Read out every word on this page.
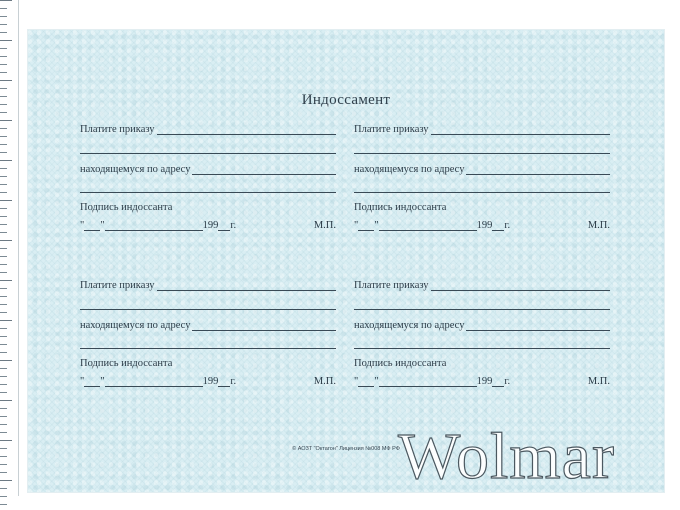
Индоссамент
Платите приказу
находящемуся по адресу
Подпись индоссанта
" "	199 г.	М.П.
Платите приказу
находящемуся по адресу
Подпись индоссанта
" "	199 г.	М.П.
Платите приказу
находящемуся по адресу
Подпись индоссанта
" "	199 г.	М.П.
Платите приказу
находящемуся по адресу
Подпись индоссанта
" "	199 г.	М.П.
© АОЗТ "Октагон" Лицензия №008 МФ РФ
Wolmar
